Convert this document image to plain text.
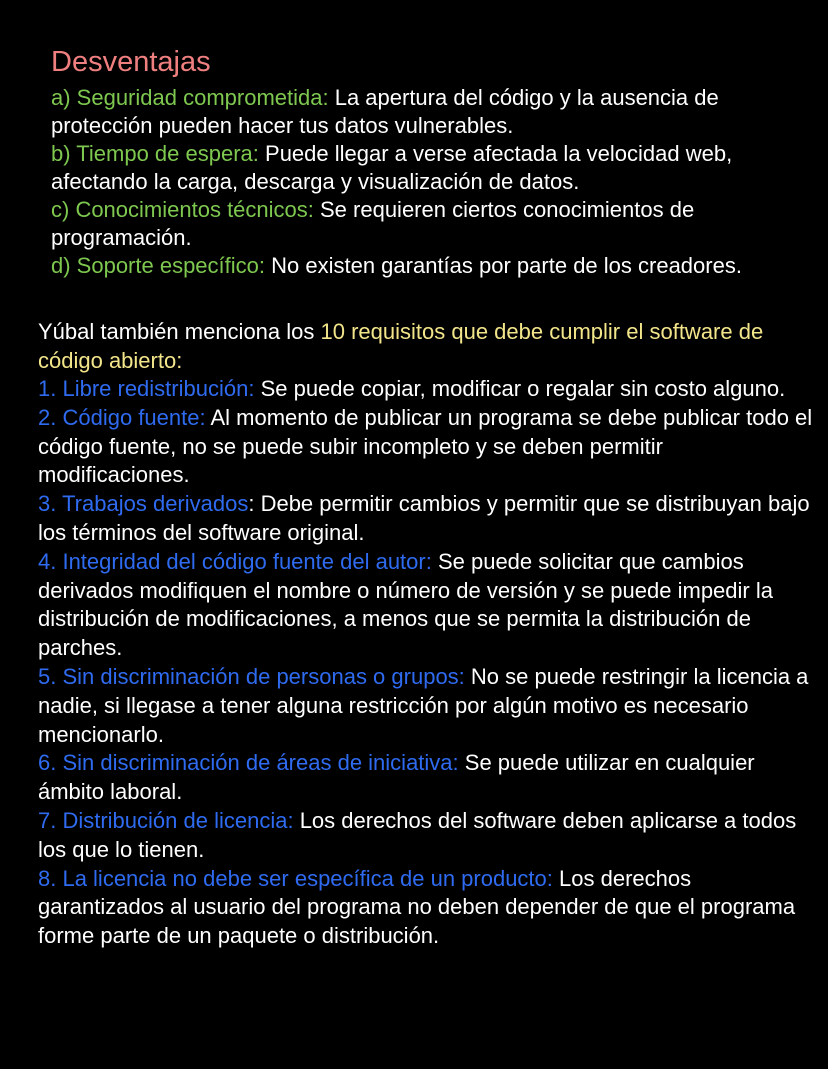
Desventajas

a) Seguridad comprometida: La apertura del código y la ausencia de protección pueden hacer tus datos vulnerables.

b) Tiempo de espera: Puede llegar a verse afectada la velocidad web, afectando la carga, descarga y visualización de datos.

c) Conocimientos técnicos: Se requieren ciertos conocimientos de programación.

d) Soporte específico: No existen garantías por parte de los creadores.

Yúbal también menciona los 10 requisitos que debe cumplir el software de código abierto:

1. Libre redistribución: Se puede copiar, modificar o regalar sin costo alguno.

2. Código fuente: Al momento de publicar un programa se debe publicar todo el código fuente, no se puede subir incompleto y se deben permitir modificaciones.

3. Trabajos derivados: Debe permitir cambios y permitir que se distribuyan bajo los términos del software original.

4. Integridad del código fuente del autor: Se puede solicitar que cambios derivados modifiquen el nombre o número de versión y se puede impedir la distribución de modificaciones, a menos que se permita la distribución de parches.

5. Sin discriminación de personas o grupos: No se puede restringir la licencia a nadie, si llegase a tener alguna restricción por algún motivo es necesario mencionarlo.

6. Sin discriminación de áreas de iniciativa: Se puede utilizar en cualquier ámbito laboral.

7. Distribución de licencia: Los derechos del software deben aplicarse a todos los que lo tienen.

8. La licencia no debe ser específica de un producto: Los derechos garantizados al usuario del programa no deben depender de que el programa forme parte de un paquete o distribución.
